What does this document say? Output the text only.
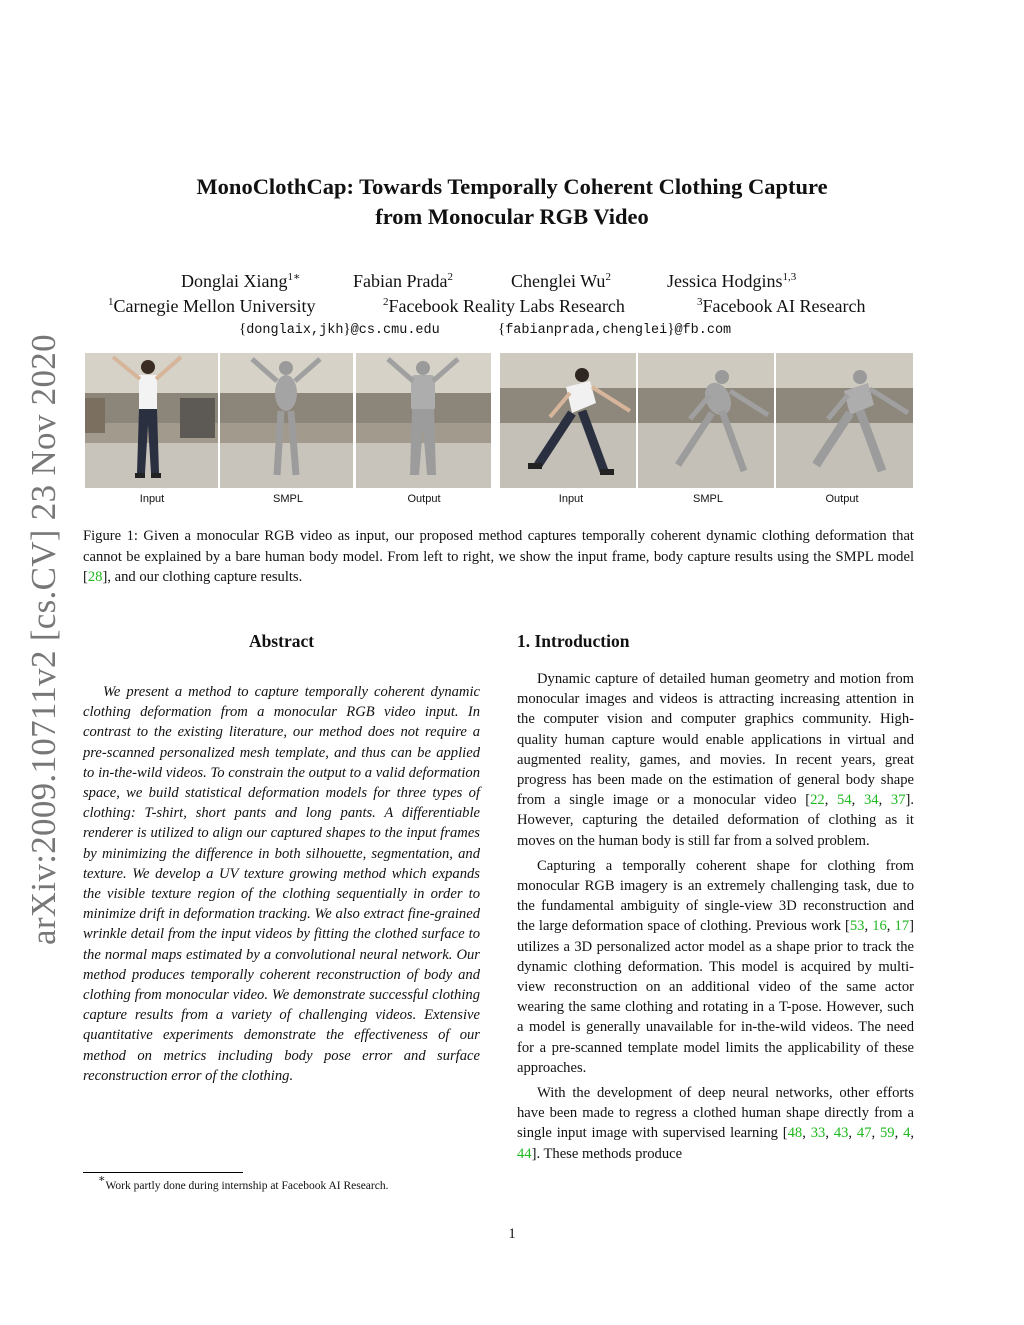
arXiv:2009.10711v2 [cs.CV] 23 Nov 2020
MonoClothCap: Towards Temporally Coherent Clothing Capture
from Monocular RGB Video
Donglai Xiang$^{1∗}$	Fabian Prada$^2$	Chenglei Wu$^2$	Jessica Hodgins$^{1,3}$
$^1$Carnegie Mellon University	$^2$Facebook Reality Labs Research	$^3$Facebook AI Research
{donglaix,jkh}@cs.cmu.edu	{fabianprada,chenglei}@fb.com
Input	SMPL	Output	Input	SMPL	Output
Figure 1: Given a monocular RGB video as input, our proposed method captures temporally coherent dynamic clothing deformation that cannot be explained by a bare human body model. From left to right, we show the input frame, body capture results using the SMPL model [28], and our clothing capture results.
Abstract

We present a method to capture temporally coherent dynamic clothing deformation from a monocular RGB video input. In contrast to the existing literature, our method does not require a pre-scanned personalized mesh template, and thus can be applied to in-the-wild videos. To constrain the output to a valid deformation space, we build statistical deformation models for three types of clothing: T-shirt, short pants and long pants. A differentiable renderer is utilized to align our captured shapes to the input frames by minimizing the difference in both silhouette, segmentation, and texture. We develop a UV texture growing method which expands the visible texture region of the clothing sequentially in order to minimize drift in deformation tracking. We also extract fine-grained wrinkle detail from the input videos by fitting the clothed surface to the normal maps estimated by a convolutional neural network. Our method produces temporally coherent reconstruction of body and clothing from monocular video. We demonstrate successful clothing capture results from a variety of challenging videos. Extensive quantitative experiments demonstrate the effectiveness of our method on metrics including body pose error and surface reconstruction error of the clothing.

1. Introduction

Dynamic capture of detailed human geometry and motion from monocular images and videos is attracting increasing attention in the computer vision and computer graphics community. High-quality human capture would enable applications in virtual and augmented reality, games, and movies. In recent years, great progress has been made on the estimation of general body shape from a single image or a monocular video [22, 54, 34, 37]. However, capturing the detailed deformation of clothing as it moves on the human body is still far from a solved problem.

Capturing a temporally coherent shape for clothing from monocular RGB imagery is an extremely challenging task, due to the fundamental ambiguity of single-view 3D reconstruction and the large deformation space of clothing. Previous work [53, 16, 17] utilizes a 3D personalized actor model as a shape prior to track the dynamic clothing deformation. This model is acquired by multi-view reconstruction on an additional video of the same actor wearing the same clothing and rotating in a T-pose. However, such a model is generally unavailable for in-the-wild videos. The need for a pre-scanned template model limits the applicability of these approaches.

With the development of deep neural networks, other efforts have been made to regress a clothed human shape directly from a single input image with supervised learning [48, 33, 43, 47, 59, 4, 44]. These methods produce

∗Work partly done during internship at Facebook AI Research.
1
